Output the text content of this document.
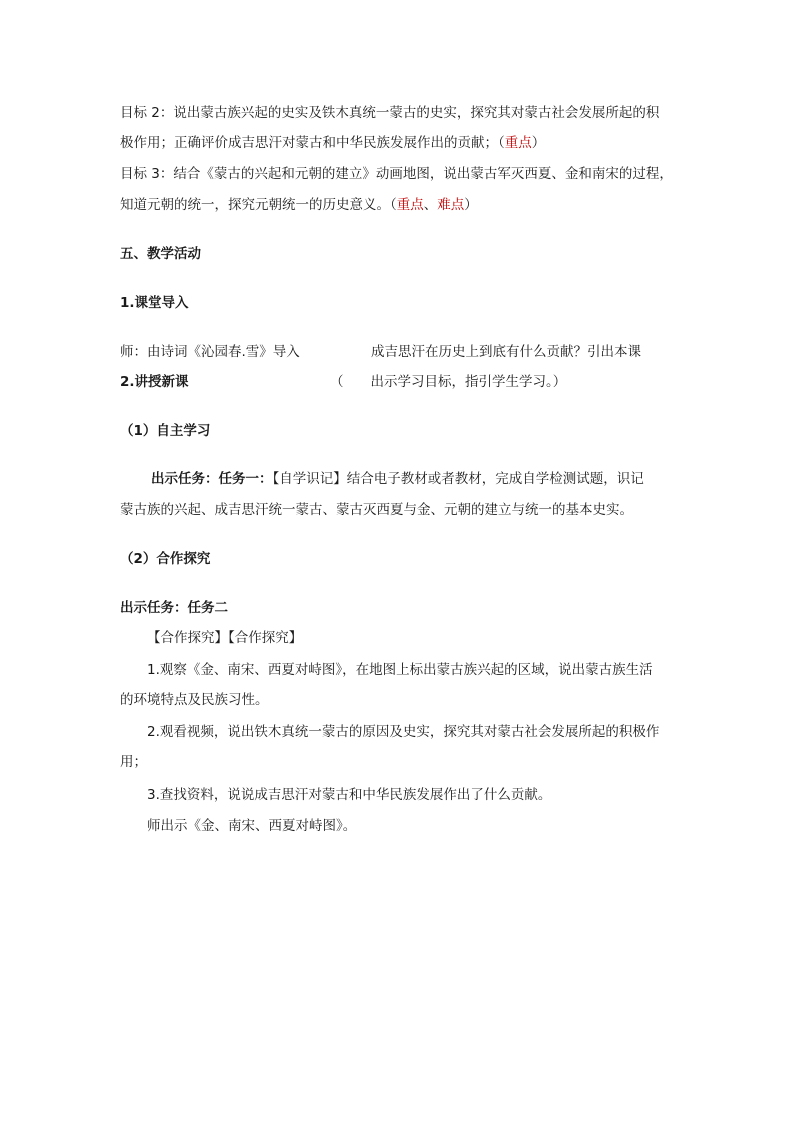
目标 2：说出蒙古族兴起的史实及铁木真统一蒙古的史实，探究其对蒙古社会发展所起的积
极作用；正确评价成吉思汗对蒙古和中华民族发展作出的贡献；（重点）
目标 3：结合《蒙古的兴起和元朝的建立》动画地图，说出蒙古军灭西夏、金和南宋的过程，
知道元朝的统一，探究元朝统一的历史意义。（重点、难点）
五、教学活动
1.课堂导入
师：由诗词《沁园春.雪》导入	成吉思汗在历史上到底有什么贡献？引出本课
2.讲授新课	（　　出示学习目标，指引学生学习。）
（1）自主学习
出示任务：任务一：【自学识记】结合电子教材或者教材，完成自学检测试题，识记
蒙古族的兴起、成吉思汗统一蒙古、蒙古灭西夏与金、元朝的建立与统一的基本史实。
（2）合作探究
出示任务：任务二
【合作探究】【合作探究】
1.观察《金、南宋、西夏对峙图》，在地图上标出蒙古族兴起的区域，说出蒙古族生活
的环境特点及民族习性。
2.观看视频，说出铁木真统一蒙古的原因及史实，探究其对蒙古社会发展所起的积极作
用；
3.查找资料，说说成吉思汗对蒙古和中华民族发展作出了什么贡献。
师出示《金、南宋、西夏对峙图》。
